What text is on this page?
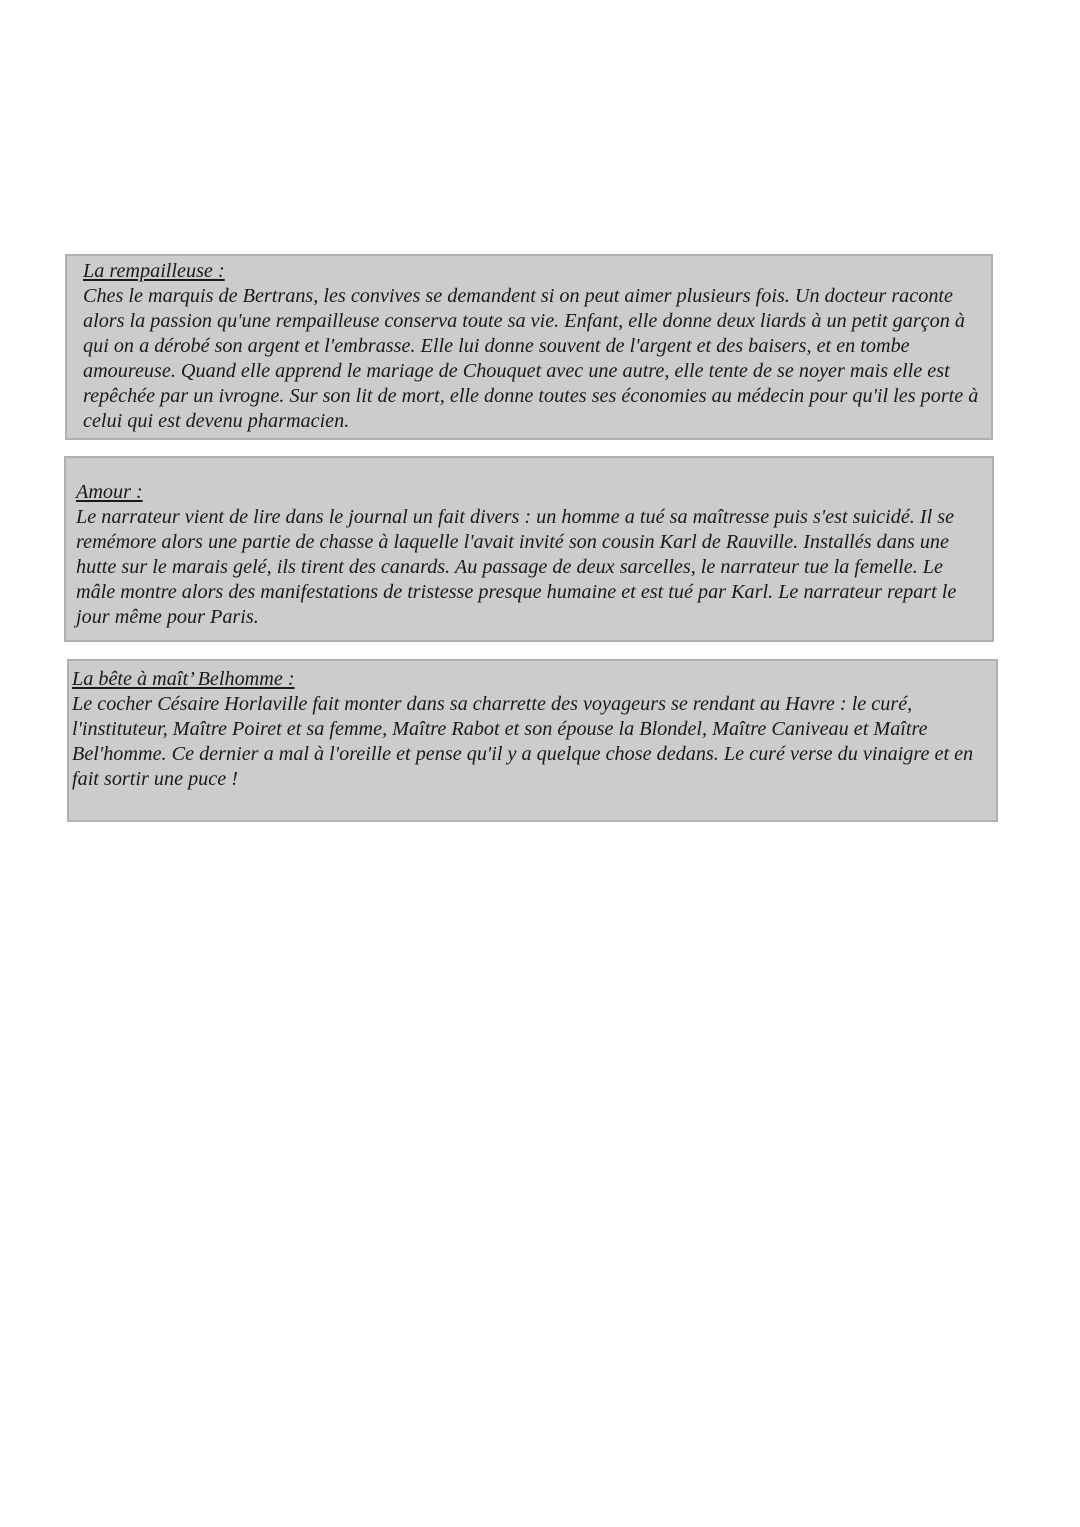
La rempailleuse :

Ches le marquis de Bertrans, les convives se demandent si on peut aimer plusieurs fois. Un docteur raconte alors la passion qu'une rempailleuse conserva toute sa vie. Enfant, elle donne deux liards à un petit garçon à qui on a dérobé son argent et l'embrasse. Elle lui donne souvent de l'argent et des baisers, et en tombe amoureuse. Quand elle apprend le mariage de Chouquet avec une autre, elle tente de se noyer mais elle est repêchée par un ivrogne. Sur son lit de mort, elle donne toutes ses économies au médecin pour qu'il les porte à celui qui est devenu pharmacien.

Amour :

Le narrateur vient de lire dans le journal un fait divers : un homme a tué sa maîtresse puis s'est suicidé. Il se remémore alors une partie de chasse à laquelle l'avait invité son cousin Karl de Rauville. Installés dans une hutte sur le marais gelé, ils tirent des canards. Au passage de deux sarcelles, le narrateur tue la femelle. Le mâle montre alors des manifestations de tristesse presque humaine et est tué par Karl. Le narrateur repart le jour même pour Paris.

La bête à maît’ Belhomme :

Le cocher Césaire Horlaville fait monter dans sa charrette des voyageurs se rendant au Havre : le curé, l'instituteur, Maître Poiret et sa femme, Maître Rabot et son épouse la Blondel, Maître Caniveau et Maître Bel'homme. Ce dernier a mal à l'oreille et pense qu'il y a quelque chose dedans. Le curé verse du vinaigre et en fait sortir une puce !
